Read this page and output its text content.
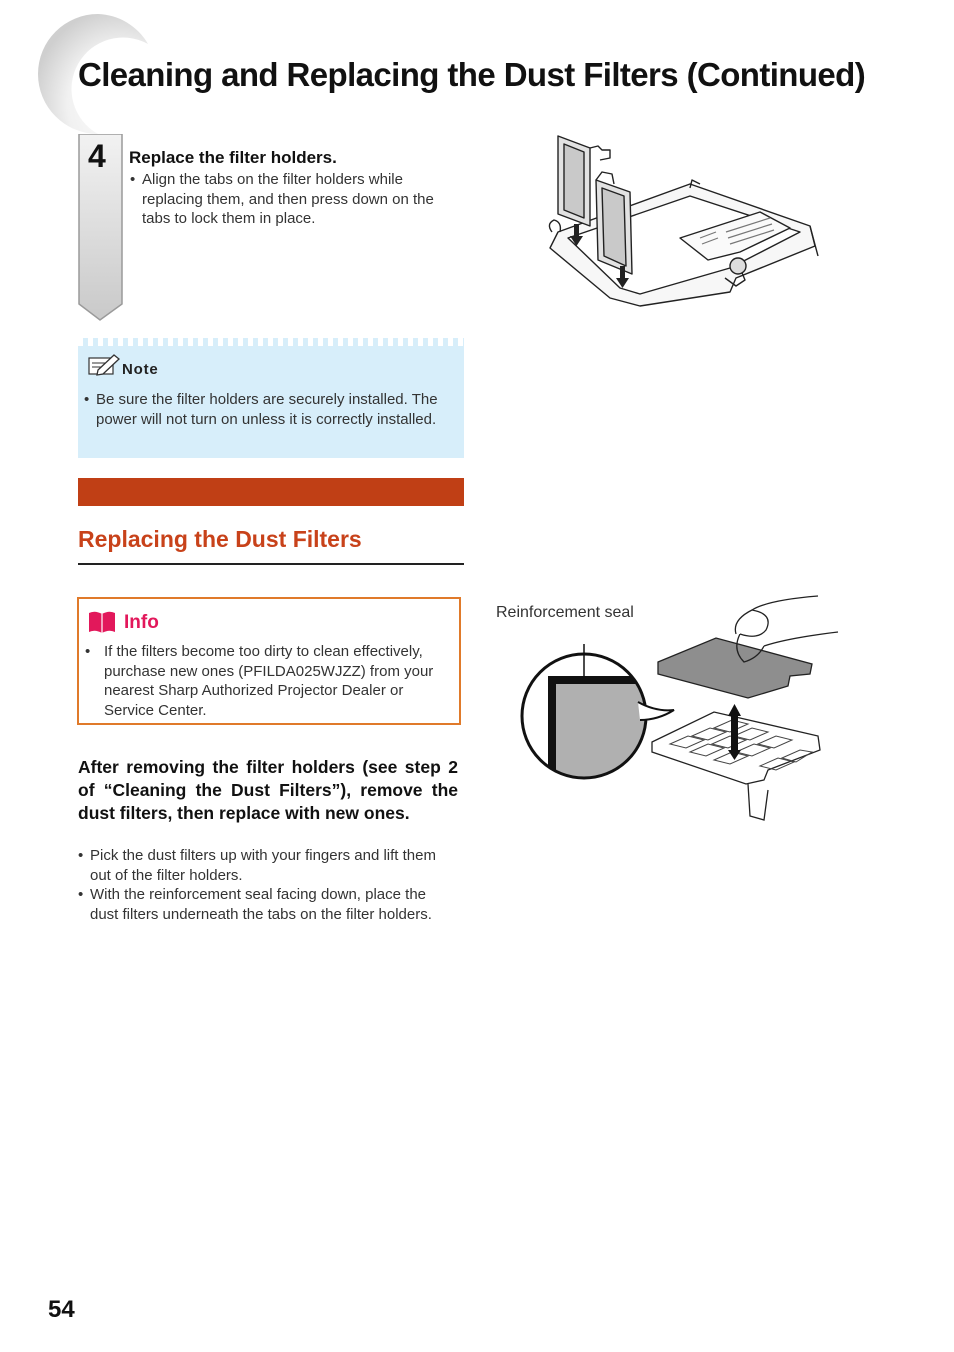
Cleaning and Replacing the Dust Filters (Continued)
4 Replace the filter holders.
• Align the tabs on the filter holders while replacing them, and then press down on the tabs to lock them in place.
Note
• Be sure the filter holders are securely installed. The power will not turn on unless it is correctly installed.
Replacing the Dust Filters
Info
• If the filters become too dirty to clean effectively, purchase new ones (PFILDA025WJZZ) from your nearest Sharp Authorized Projector Dealer or Service Center.

After removing the filter holders (see step 2 of “Cleaning the Dust Filters”), remove the dust filters, then replace with new ones.

• Pick the dust filters up with your fingers and lift them out of the filter holders.
• With the reinforcement seal facing down, place the dust filters underneath the tabs on the filter holders.
Reinforcement seal
54
